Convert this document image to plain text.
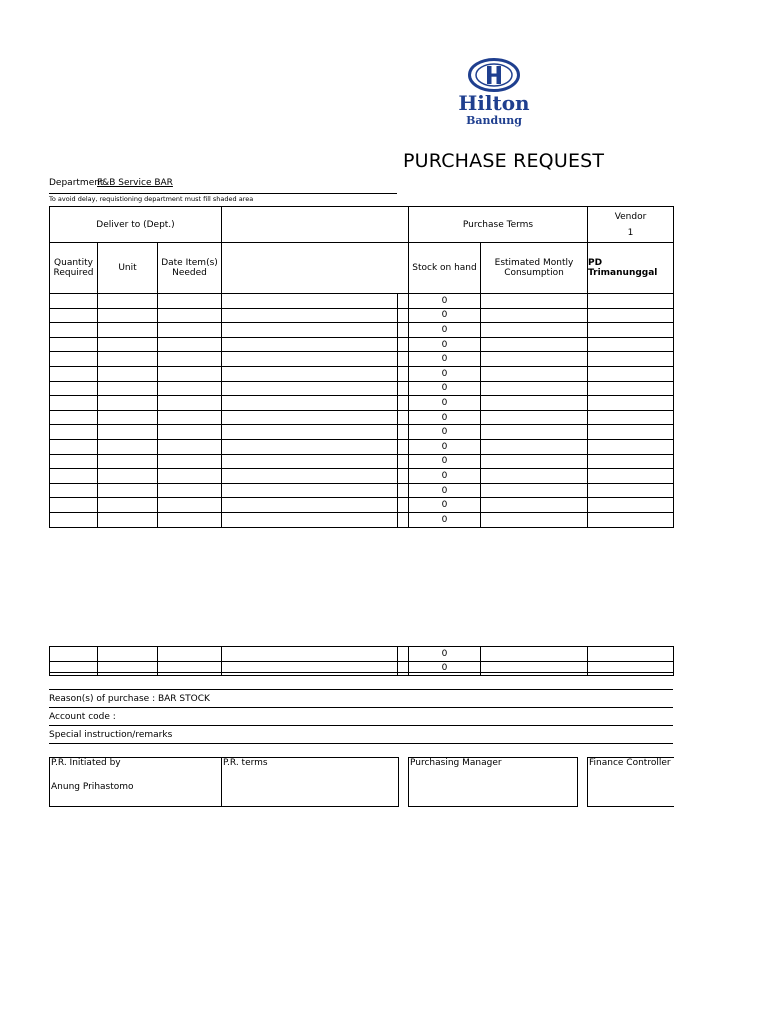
Hilton
Bandung
PURCHASE REQUEST
DepartmentF&B Service BAR
To avoid delay, requistioning department must fill shaded area
Deliver to (Dept.)					Purchase Terms		Vendor
1

Quantity Required	Unit	Date Item(s) Needed			Stock on hand	Estimated Montly Consumption	PD Trimanunggal
					0		
					0		
					0		
					0		
					0		
					0		
					0		
					0		
					0		
					0		
					0		
					0		
					0		
					0		
					0		
					0		
					0		
					0		
Reason(s) of purchase : BAR STOCK
Account code :
Special instruction/remarks
P.R. Initiated by
Anung Prihastomo
P.R. terms	Purchasing Manager	Finance Controller
